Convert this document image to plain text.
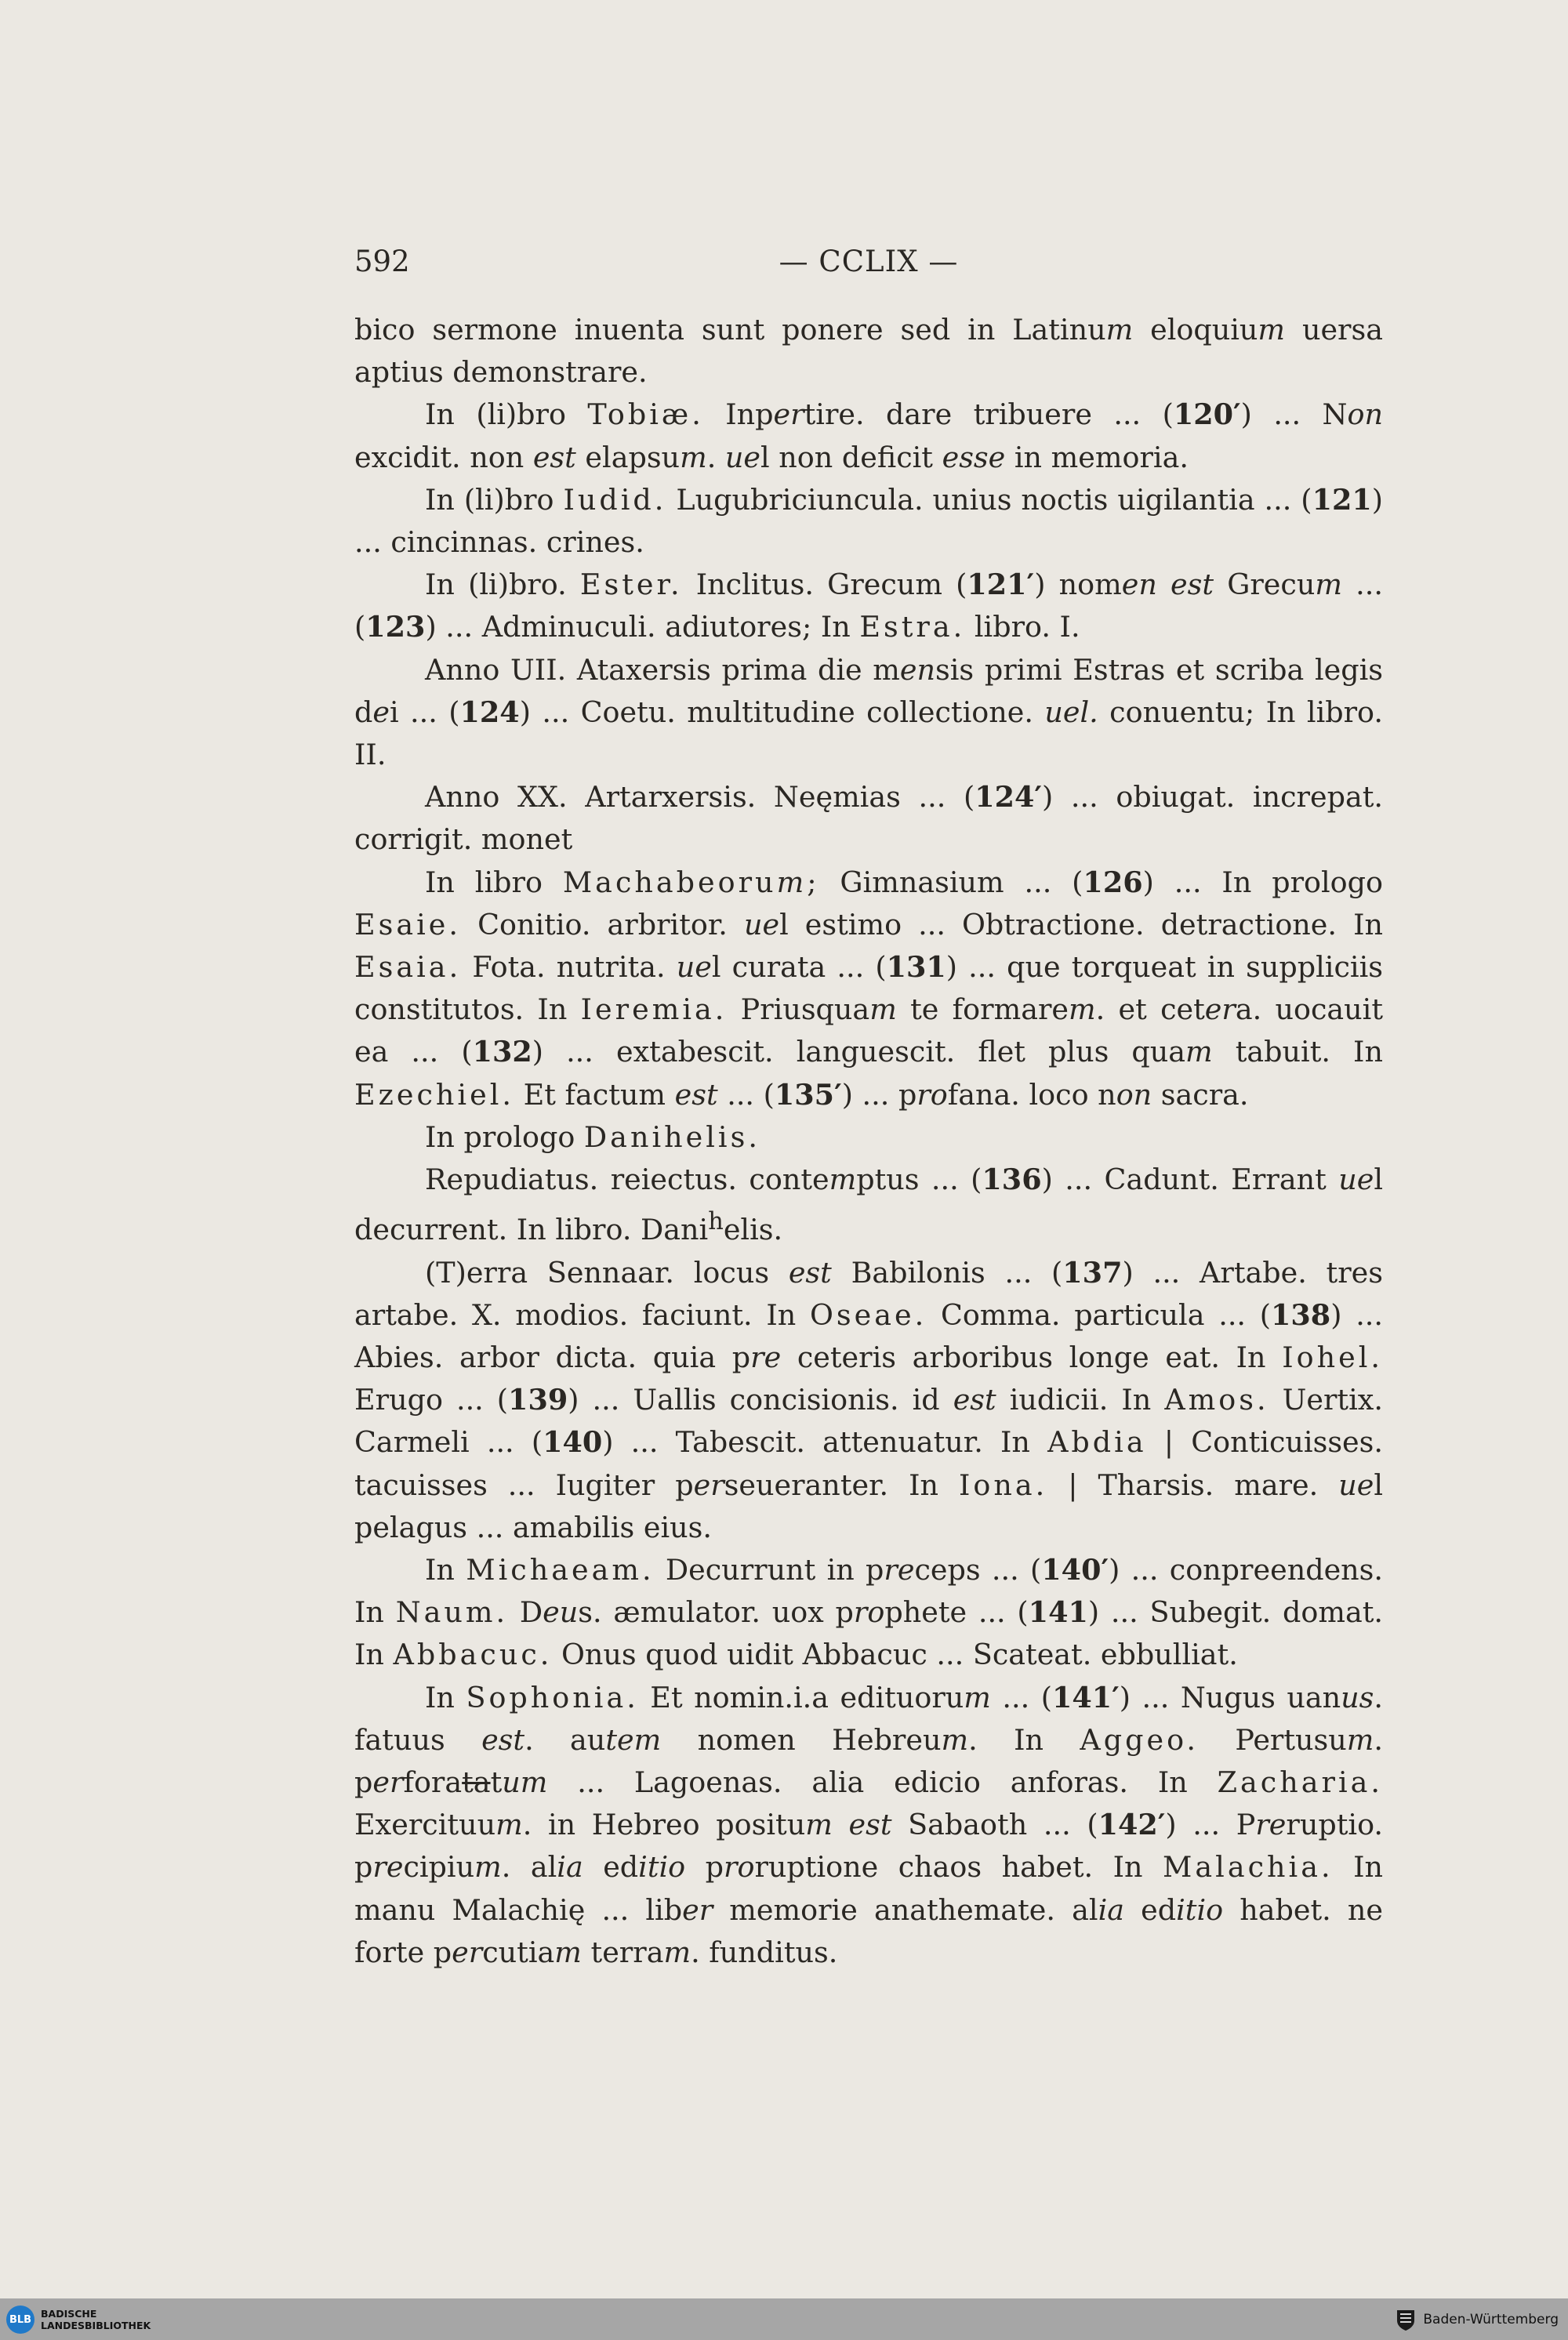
592	— CCLIX —

bico sermone inuenta sunt ponere sed in Latinum eloquium uersa aptius demonstrare.

In (li)bro Tobiæ. Inpertire. dare tribuere ... (120′) ... Non excidit. non est elapsum. uel non deficit esse in memoria.

In (li)bro Iudid. Lugubriciuncula. unius noctis uigilantia ... (121) ... cincinnas. crines.

In (li)bro. Ester. Inclitus. Grecum (121′) nomen est Grecum ... (123) ... Adminuculi. adiutores; In Estra. libro. I.

Anno UII. Ataxersis prima die mensis primi Estras et scriba legis dei ... (124) ... Coetu. multitudine collectione. uel. conuentu; In libro. II.

Anno XX. Artarxersis. Neęmias ... (124′) ... obiugat. increpat. corrigit. monet

In libro Machabeorum; Gimnasium ... (126) ... In prologo Esaie. Conitio. arbritor. uel estimo ... Obtractione. detractione. In Esaia. Fota. nutrita. uel curata ... (131) ... que torqueat in suppliciis constitutos. In Ieremia. Priusquam te formarem. et cetera. uocauit ea ... (132) ... extabescit. languescit. flet plus quam tabuit. In Ezechiel. Et factum est ... (135′) ... profana. loco non sacra.

In prologo Danihelis.

Repudiatus. reiectus. contemptus ... (136) ... Cadunt. Errant uel decurrent. In libro. Dani$^h$elis.

(T)erra Sennaar. locus est Babilonis ... (137) ... Artabe. tres artabe. X. modios. faciunt. In Oseae. Comma. particula ... (138) ... Abies. arbor dicta. quia pre ceteris arboribus longe eat. In Iohel. Erugo ... (139) ... Uallis concisionis. id est iudicii. In Amos. Uertix. Carmeli ... (140) ... Tabescit. attenuatur. In Abdia | Conticuisses. tacuisses ... Iugiter perseueranter. In Iona. | Tharsis. mare. uel pelagus ... amabilis eius.

In Michaeam. Decurrunt in preceps ... (140′) ... conpreendens. In Naum. Deus. æmulator. uox prophete ... (141) ... Subegit. domat. In Abbacuc. Onus quod uidit Abbacuc ... Scateat. ebbulliat.

In Sophonia. Et nomin.i.a edituorum ... (141′) ... Nugus uanus. fatuus est. autem nomen Hebreum. In Aggeo. Pertusum. perforatatum ... Lagoenas. alia edicio anforas. In Zacharia. Exercituum. in Hebreo positum est Sabaoth ... (142′) ... Preruptio. precipium. alia editio proruptione chaos habet. In Malachia. In manu Malachię ... liber memorie anathemate. alia editio habet. ne forte percutiam terram. funditus.

BLB BADISCHE
LANDESBIBLIOTHEK	Baden-Württemberg
